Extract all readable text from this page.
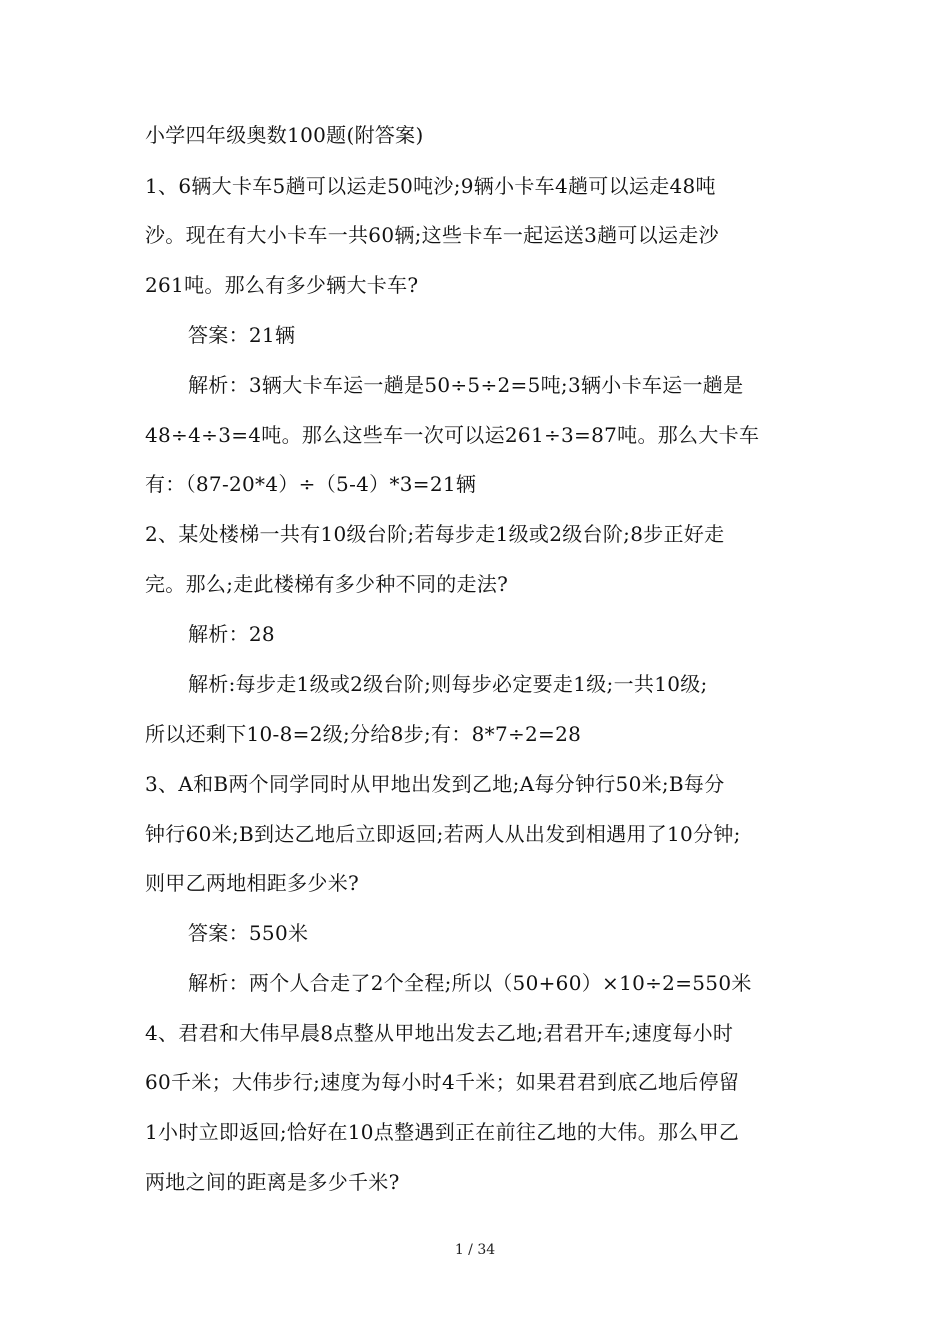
小学四年级奥数100题(附答案)
1、6辆大卡车5趟可以运走50吨沙;9辆小卡车4趟可以运走48吨
沙。现在有大小卡车一共60辆;这些卡车一起运送3趟可以运走沙
261吨。那么有多少辆大卡车?
答案：21辆
解析：3辆大卡车运一趟是50÷5÷2=5吨;3辆小卡车运一趟是
48÷4÷3=4吨。那么这些车一次可以运261÷3=87吨。那么大卡车
有：（87-20*4）÷（5-4）*3=21辆
2、某处楼梯一共有10级台阶;若每步走1级或2级台阶;8步正好走
完。那么;走此楼梯有多少种不同的走法?
解析：28
解析:每步走1级或2级台阶;则每步必定要走1级;一共10级;
所以还剩下10-8=2级;分给8步;有：8*7÷2=28
3、A和B两个同学同时从甲地出发到乙地;A每分钟行50米;B每分
钟行60米;B到达乙地后立即返回;若两人从出发到相遇用了10分钟;
则甲乙两地相距多少米?
答案：550米
解析：两个人合走了2个全程;所以（50+60）×10÷2=550米
4、君君和大伟早晨8点整从甲地出发去乙地;君君开车;速度每小时
60千米；大伟步行;速度为每小时4千米；如果君君到底乙地后停留
1小时立即返回;恰好在10点整遇到正在前往乙地的大伟。那么甲乙
两地之间的距离是多少千米?
1 / 34
